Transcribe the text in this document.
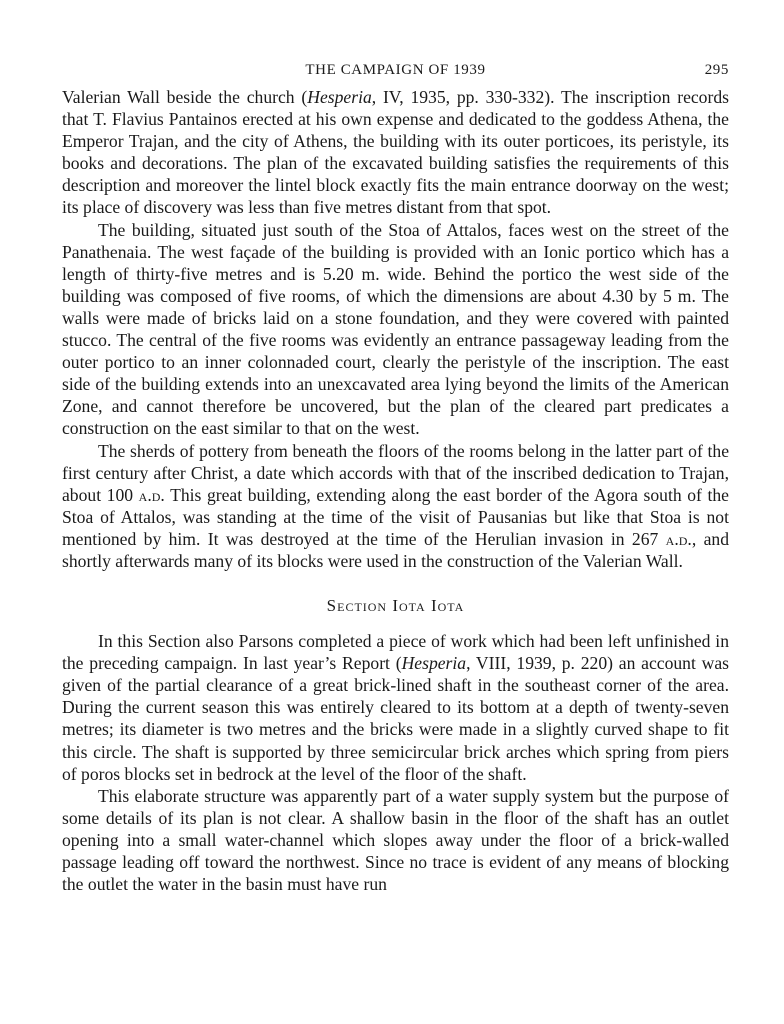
THE CAMPAIGN OF 1939	295

Valerian Wall beside the church (Hesperia, IV, 1935, pp. 330-332). The inscription records that T. Flavius Pantainos erected at his own expense and dedicated to the goddess Athena, the Emperor Trajan, and the city of Athens, the building with its outer porticoes, its peristyle, its books and decorations. The plan of the excavated building satisfies the requirements of this description and moreover the lintel block exactly fits the main entrance doorway on the west; its place of discovery was less than five metres distant from that spot.

The building, situated just south of the Stoa of Attalos, faces west on the street of the Panathenaia. The west façade of the building is provided with an Ionic portico which has a length of thirty-five metres and is 5.20 m. wide. Behind the portico the west side of the building was composed of five rooms, of which the dimensions are about 4.30 by 5 m. The walls were made of bricks laid on a stone foundation, and they were covered with painted stucco. The central of the five rooms was evidently an entrance passageway leading from the outer portico to an inner colonnaded court, clearly the peristyle of the inscription. The east side of the building extends into an unexcavated area lying beyond the limits of the American Zone, and cannot therefore be uncovered, but the plan of the cleared part predicates a construction on the east similar to that on the west.

The sherds of pottery from beneath the floors of the rooms belong in the latter part of the first century after Christ, a date which accords with that of the inscribed dedication to Trajan, about 100 a.d. This great building, extending along the east border of the Agora south of the Stoa of Attalos, was standing at the time of the visit of Pausanias but like that Stoa is not mentioned by him. It was destroyed at the time of the Herulian invasion in 267 a.d., and shortly afterwards many of its blocks were used in the construction of the Valerian Wall.

Section Iota Iota

In this Section also Parsons completed a piece of work which had been left unfinished in the preceding campaign. In last year’s Report (Hesperia, VIII, 1939, p. 220) an account was given of the partial clearance of a great brick-lined shaft in the southeast corner of the area. During the current season this was entirely cleared to its bottom at a depth of twenty-seven metres; its diameter is two metres and the bricks were made in a slightly curved shape to fit this circle. The shaft is supported by three semicircular brick arches which spring from piers of poros blocks set in bedrock at the level of the floor of the shaft.

This elaborate structure was apparently part of a water supply system but the purpose of some details of its plan is not clear. A shallow basin in the floor of the shaft has an outlet opening into a small water-channel which slopes away under the floor of a brick-walled passage leading off toward the northwest. Since no trace is evident of any means of blocking the outlet the water in the basin must have run
